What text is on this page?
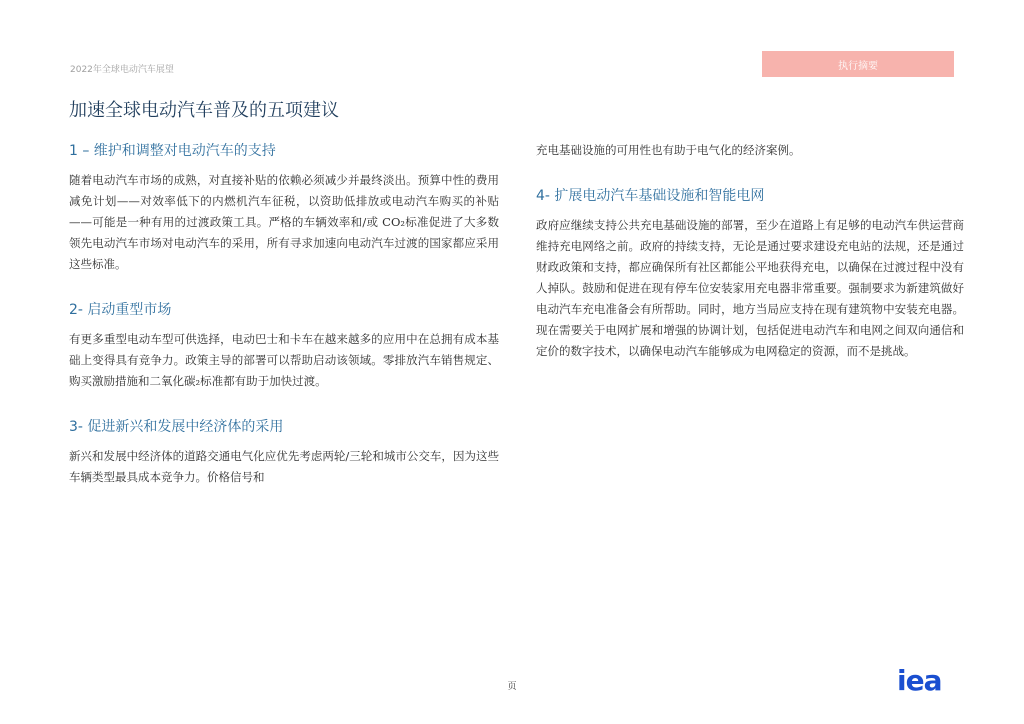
2022年全球电动汽车展望	执行摘要
加速全球电动汽车普及的五项建议
1 – 维护和调整对电动汽车的支持

随着电动汽车市场的成熟，对直接补贴的依赖必须减少并最终淡出。预算中性的费用减免计划——对效率低下的内燃机汽车征税，以资助低排放或电动汽车购买的补贴——可能是一种有用的过渡政策工具。严格的车辆效率和/或 CO₂标准促进了大多数领先电动汽车市场对电动汽车的采用，所有寻求加速向电动汽车过渡的国家都应采用这些标准。

2- 启动重型市场

有更多重型电动车型可供选择，电动巴士和卡车在越来越多的应用中在总拥有成本基础上变得具有竞争力。政策主导的部署可以帮助启动该领域。零排放汽车销售规定、购买激励措施和二氧化碳₂标准都有助于加快过渡。

3- 促进新兴和发展中经济体的采用

新兴和发展中经济体的道路交通电气化应优先考虑两轮/三轮和城市公交车，因为这些车辆类型最具成本竞争力。价格信号和

充电基础设施的可用性也有助于电气化的经济案例。

4- 扩展电动汽车基础设施和智能电网

政府应继续支持公共充电基础设施的部署，至少在道路上有足够的电动汽车供运营商维持充电网络之前。政府的持续支持，无论是通过要求建设充电站的法规，还是通过财政政策和支持，都应确保所有社区都能公平地获得充电，以确保在过渡过程中没有人掉队。鼓励和促进在现有停车位安装家用充电器非常重要。强制要求为新建筑做好电动汽车充电准备会有所帮助。同时，地方当局应支持在现有建筑物中安装充电器。现在需要关于电网扩展和增强的协调计划，包括促进电动汽车和电网之间双向通信和定价的数字技术，以确保电动汽车能够成为电网稳定的资源，而不是挑战。

页	iea
